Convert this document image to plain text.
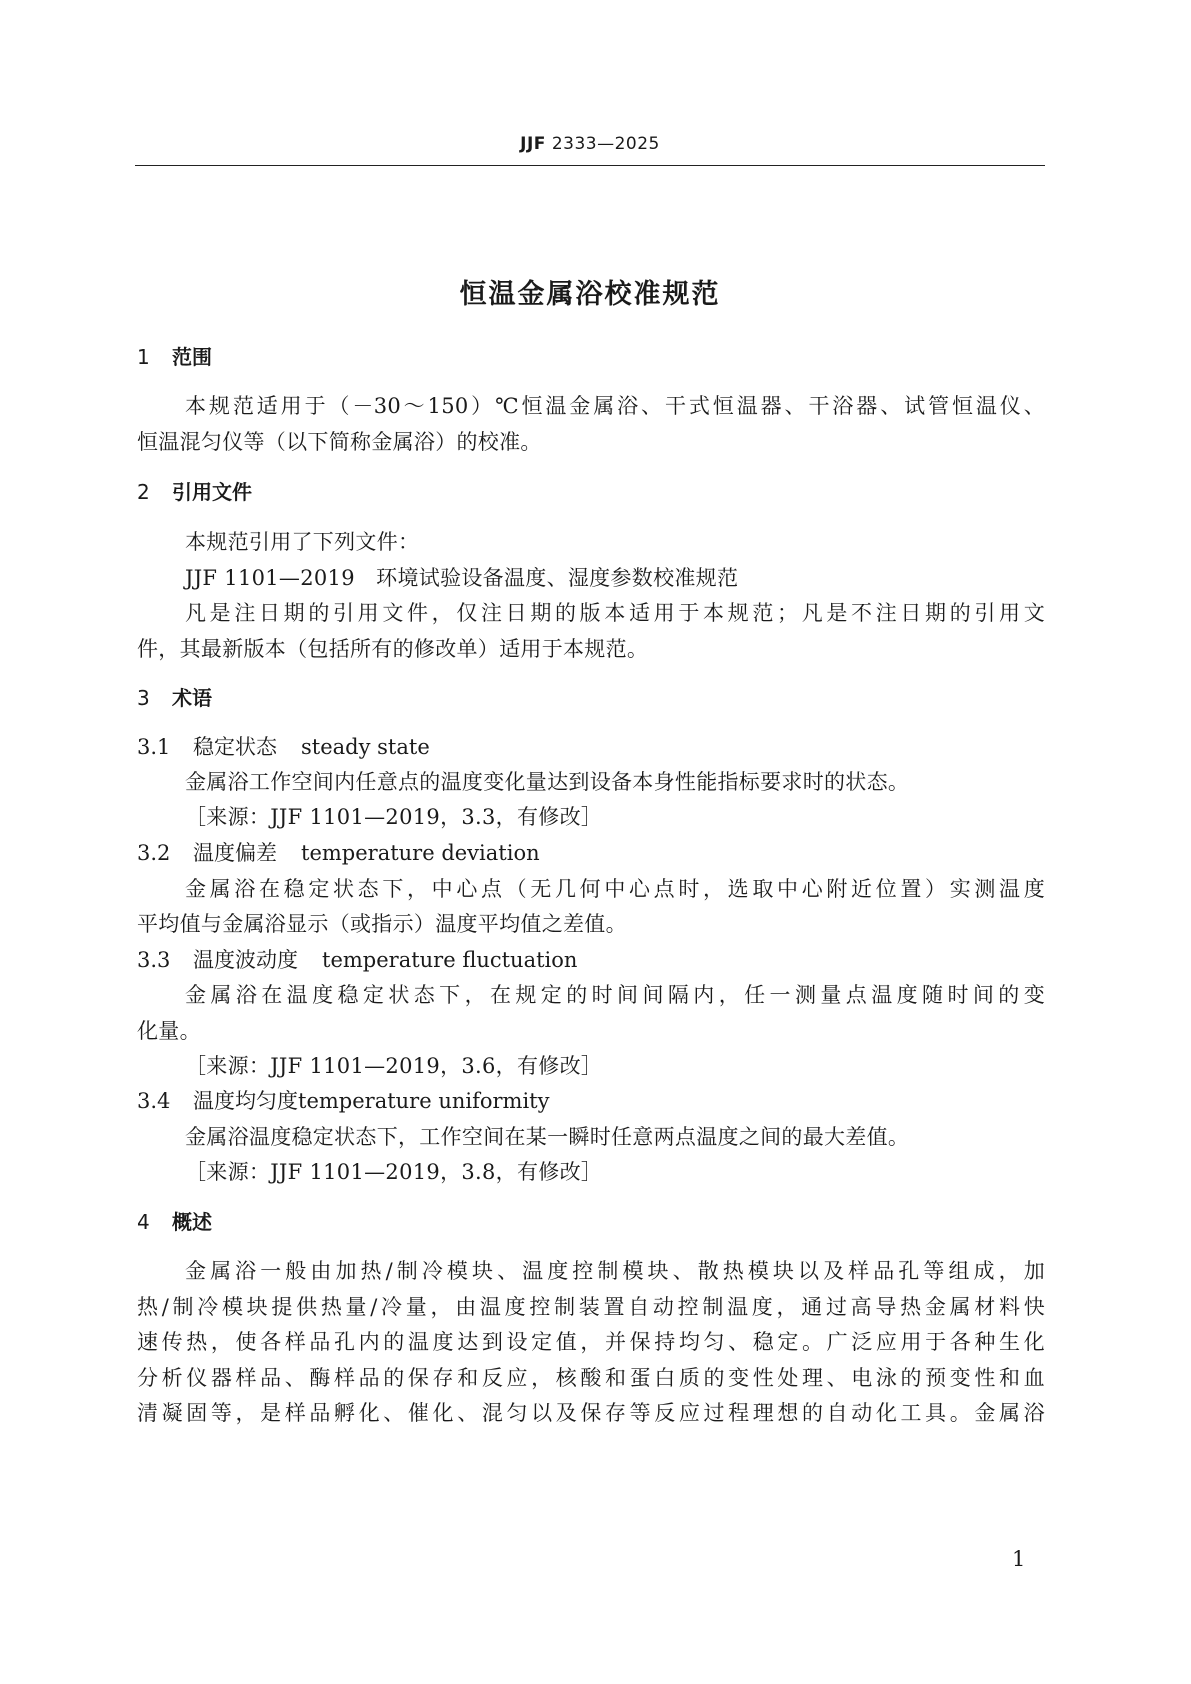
JJF 2333—2025
恒温金属浴校准规范
1 范围
本规范适用于（－30～150）℃恒温金属浴、干式恒温器、干浴器、试管恒温仪、
恒温混匀仪等（以下简称金属浴）的校准。
2 引用文件
本规范引用了下列文件：
JJF 1101—2019　环境试验设备温度、湿度参数校准规范
凡是注日期的引用文件，仅注日期的版本适用于本规范；凡是不注日期的引用文
件，其最新版本（包括所有的修改单）适用于本规范。
3 术语
3.1 稳定状态 steady state
金属浴工作空间内任意点的温度变化量达到设备本身性能指标要求时的状态。
［来源：JJF 1101—2019，3.3，有修改］
3.2 温度偏差 temperature deviation
金属浴在稳定状态下，中心点（无几何中心点时，选取中心附近位置）实测温度
平均值与金属浴显示（或指示）温度平均值之差值。
3.3 温度波动度 temperature fluctuation
金属浴在温度稳定状态下，在规定的时间间隔内，任一测量点温度随时间的变
化量。
［来源：JJF 1101—2019，3.6，有修改］
3.4 温度均匀度temperature uniformity
金属浴温度稳定状态下，工作空间在某一瞬时任意两点温度之间的最大差值。
［来源：JJF 1101—2019，3.8，有修改］
4 概述
金属浴一般由加热/制冷模块、温度控制模块、散热模块以及样品孔等组成，加
热/制冷模块提供热量/冷量，由温度控制装置自动控制温度，通过高导热金属材料快
速传热，使各样品孔内的温度达到设定值，并保持均匀、稳定。广泛应用于各种生化
分析仪器样品、酶样品的保存和反应，核酸和蛋白质的变性处理、电泳的预变性和血
清凝固等，是样品孵化、催化、混匀以及保存等反应过程理想的自动化工具。金属浴
1
